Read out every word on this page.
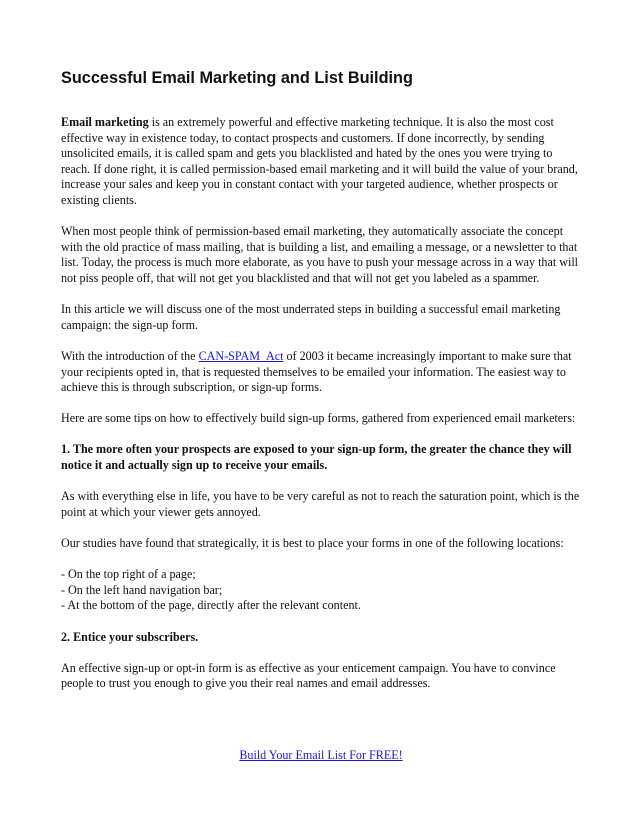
Successful Email Marketing and List Building

Email marketing is an extremely powerful and effective marketing technique. It is also the most cost effective way in existence today, to contact prospects and customers. If done incorrectly, by sending unsolicited emails, it is called spam and gets you blacklisted and hated by the ones you were trying to reach. If done right, it is called permission-based email marketing and it will build the value of your brand, increase your sales and keep you in constant contact with your targeted audience, whether prospects or existing clients.

When most people think of permission-based email marketing, they automatically associate the concept with the old practice of mass mailing, that is building a list, and emailing a message, or a newsletter to that list. Today, the process is much more elaborate, as you have to push your message across in a way that will not piss people off, that will not get you blacklisted and that will not get you labeled as a spammer.

In this article we will discuss one of the most underrated steps in building a successful email marketing campaign: the sign-up form.

With the introduction of the CAN-SPAM_Act of 2003 it became increasingly important to make sure that your recipients opted in, that is requested themselves to be emailed your information. The easiest way to achieve this is through subscription, or sign-up forms.

Here are some tips on how to effectively build sign-up forms, gathered from experienced email marketers:

1. The more often your prospects are exposed to your sign-up form, the greater the chance they will notice it and actually sign up to receive your emails.

As with everything else in life, you have to be very careful as not to reach the saturation point, which is the point at which your viewer gets annoyed.

Our studies have found that strategically, it is best to place your forms in one of the following locations:

- On the top right of a page;
- On the left hand navigation bar;
- At the bottom of the page, directly after the relevant content.

2. Entice your subscribers.

An effective sign-up or opt-in form is as effective as your enticement campaign. You have to convince people to trust you enough to give you their real names and email addresses.

Build Your Email List For FREE!
